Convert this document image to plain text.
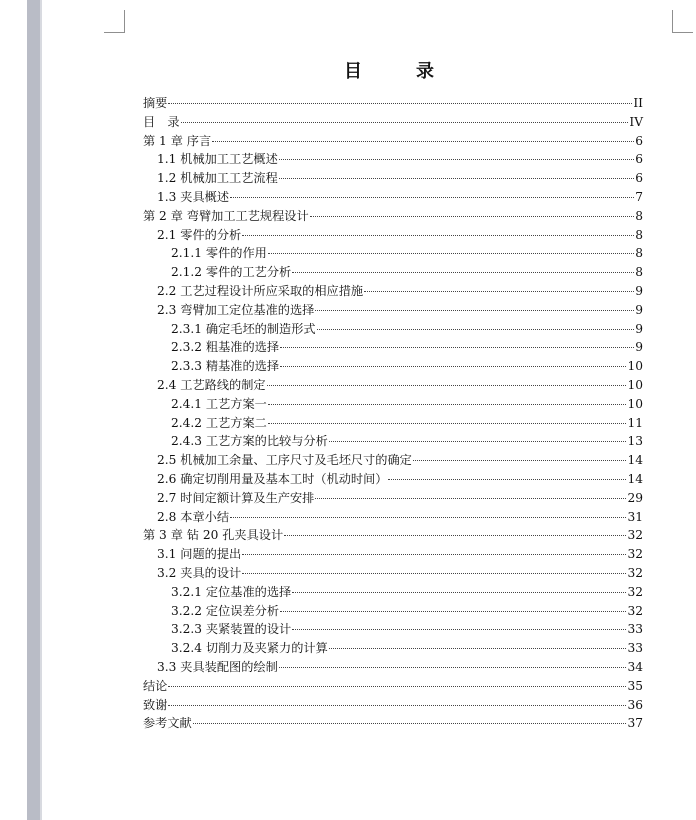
目　录
摘要	II
目　录	IV
第 1 章 序言	6
1.1 机械加工工艺概述	6
1.2 机械加工工艺流程	6
1.3 夹具概述	7
第 2 章 弯臂加工工艺规程设计	8
2.1 零件的分析	8
2.1.1 零件的作用	8
2.1.2 零件的工艺分析	8
2.2 工艺过程设计所应采取的相应措施	9
2.3 弯臂加工定位基准的选择	9
2.3.1 确定毛坯的制造形式	9
2.3.2 粗基准的选择	9
2.3.3 精基准的选择	10
2.4 工艺路线的制定	10
2.4.1 工艺方案一	10
2.4.2 工艺方案二	11
2.4.3 工艺方案的比较与分析	13
2.5 机械加工余量、工序尺寸及毛坯尺寸的确定	14
2.6 确定切削用量及基本工时（机动时间）	14
2.7 时间定额计算及生产安排	29
2.8 本章小结	31
第 3 章 钻 20 孔夹具设计	32
3.1 问题的提出	32
3.2 夹具的设计	32
3.2.1 定位基准的选择	32
3.2.2 定位误差分析	32
3.2.3 夹紧装置的设计	33
3.2.4 切削力及夹紧力的计算	33
3.3 夹具装配图的绘制	34
结论	35
致谢	36
参考文献	37
